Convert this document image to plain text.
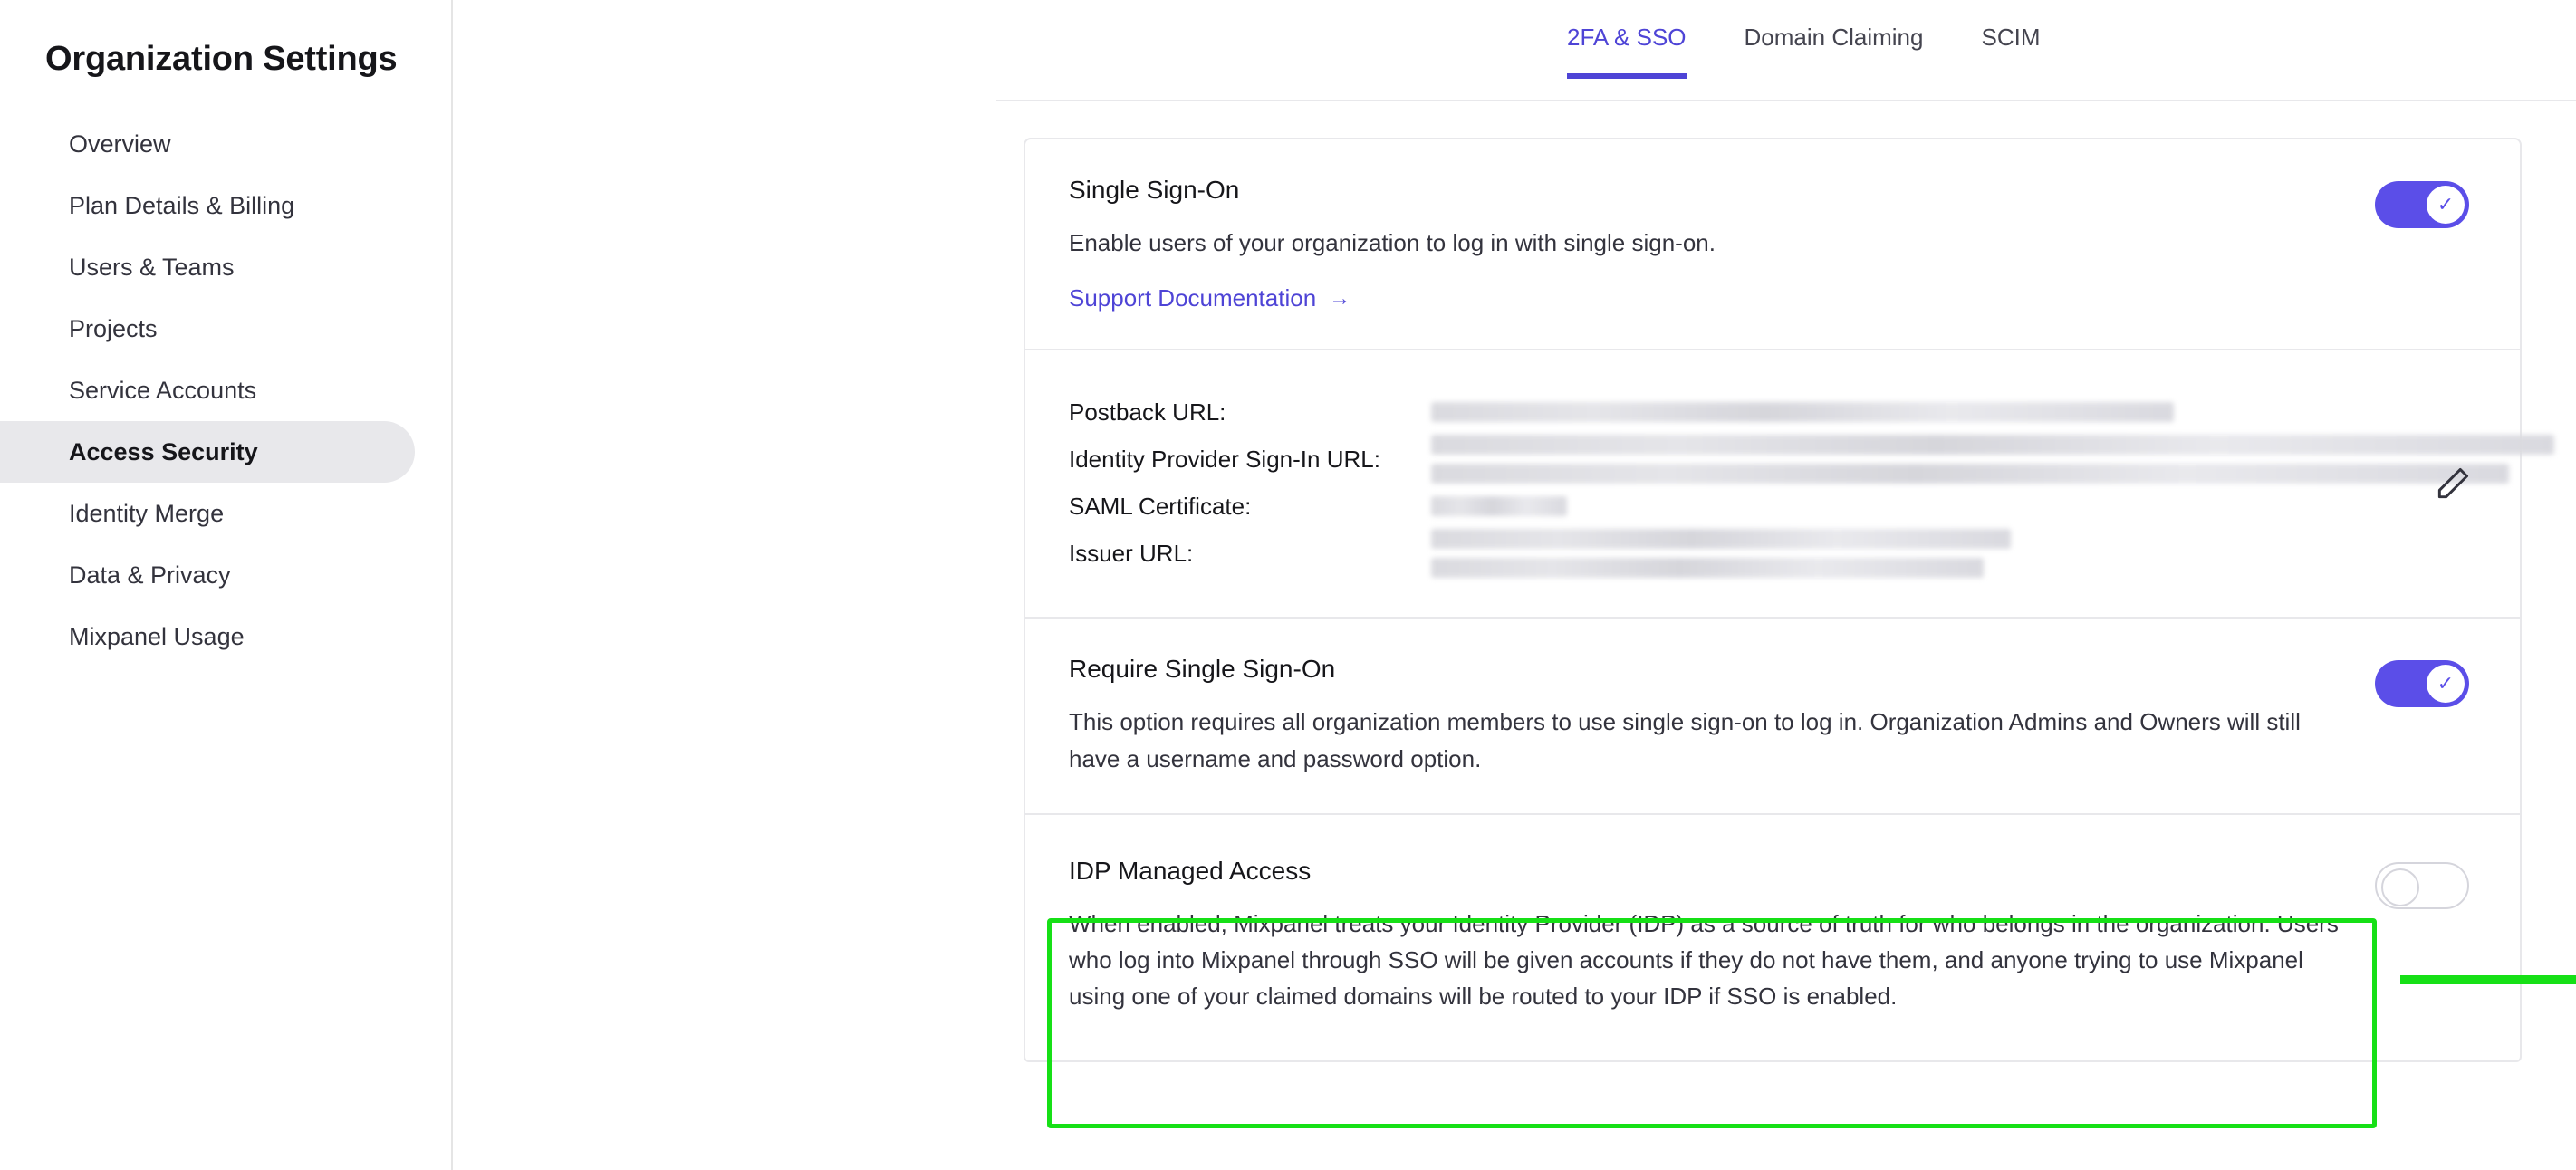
Organization Settings
Overview
Plan Details & Billing
Users & Teams
Projects
Service Accounts
Access Security
Identity Merge
Data & Privacy
Mixpanel Usage
2FA & SSO Domain Claiming SCIM
Single Sign-On
Enable users of your organization to log in with single sign-on.
Support Documentation →
✓
Postback URL:
Identity Provider Sign-In URL:
SAML Certificate:
Issuer URL:
Require Single Sign-On
This option requires all organization members to use single sign-on to log in. Organization Admins and Owners will still have a username and password option.
✓
IDP Managed Access
When enabled, Mixpanel treats your Identity Provider (IDP) as a source of truth for who belongs in the organization. Users who log into Mixpanel through SSO will be given accounts if they do not have them, and anyone trying to use Mixpanel using one of your claimed domains will be routed to your IDP if SSO is enabled.
